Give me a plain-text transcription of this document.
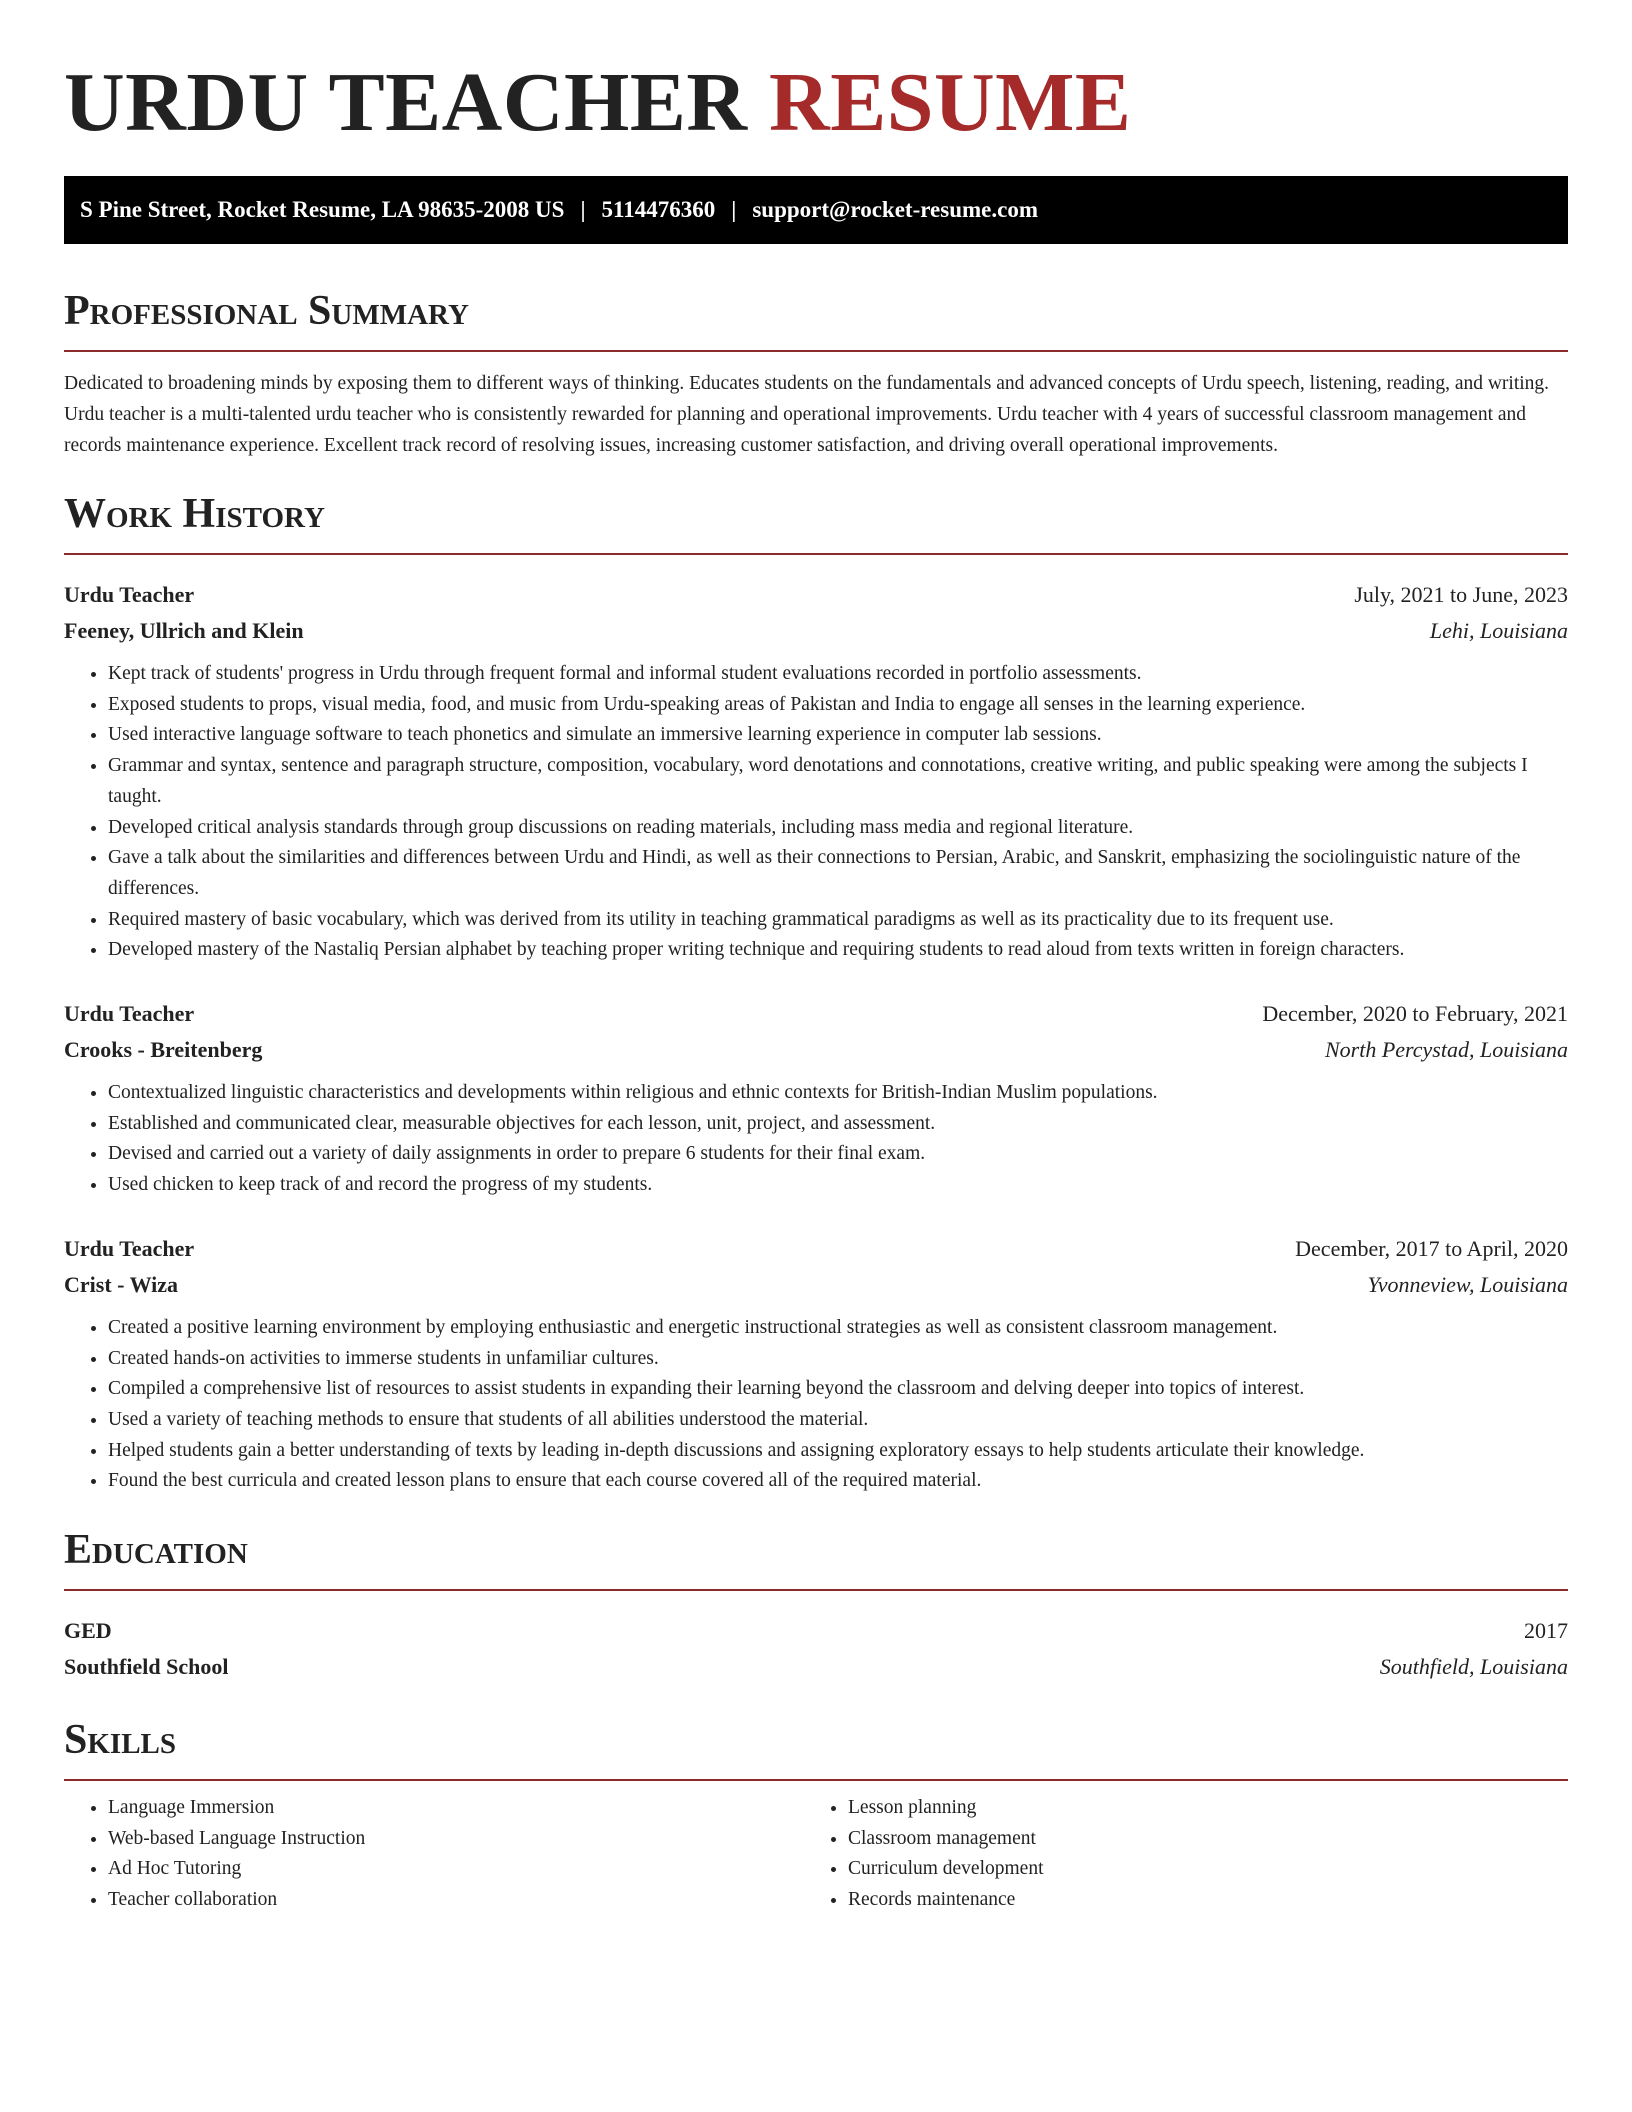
URDU TEACHER RESUME
S Pine Street, Rocket Resume, LA 98635-2008 US | 5114476360 | support@rocket-resume.com
Professional Summary

Dedicated to broadening minds by exposing them to different ways of thinking. Educates students on the fundamentals and advanced concepts of Urdu speech, listening, reading, and writing. Urdu teacher is a multi-talented urdu teacher who is consistently rewarded for planning and operational improvements. Urdu teacher with 4 years of successful classroom management and records maintenance experience. Excellent track record of resolving issues, increasing customer satisfaction, and driving overall operational improvements.

Work History
Urdu Teacher	July, 2021 to June, 2023
Feeney, Ullrich and Klein	Lehi, Louisiana
• Kept track of students' progress in Urdu through frequent formal and informal student evaluations recorded in portfolio assessments.
• Exposed students to props, visual media, food, and music from Urdu-speaking areas of Pakistan and India to engage all senses in the learning experience.
• Used interactive language software to teach phonetics and simulate an immersive learning experience in computer lab sessions.
• Grammar and syntax, sentence and paragraph structure, composition, vocabulary, word denotations and connotations, creative writing, and public speaking were among the subjects I taught.
• Developed critical analysis standards through group discussions on reading materials, including mass media and regional literature.
• Gave a talk about the similarities and differences between Urdu and Hindi, as well as their connections to Persian, Arabic, and Sanskrit, emphasizing the sociolinguistic nature of the differences.
• Required mastery of basic vocabulary, which was derived from its utility in teaching grammatical paradigms as well as its practicality due to its frequent use.
• Developed mastery of the Nastaliq Persian alphabet by teaching proper writing technique and requiring students to read aloud from texts written in foreign characters.
Urdu Teacher	December, 2020 to February, 2021
Crooks - Breitenberg	North Percystad, Louisiana
• Contextualized linguistic characteristics and developments within religious and ethnic contexts for British-Indian Muslim populations.
• Established and communicated clear, measurable objectives for each lesson, unit, project, and assessment.
• Devised and carried out a variety of daily assignments in order to prepare 6 students for their final exam.
• Used chicken to keep track of and record the progress of my students.
Urdu Teacher	December, 2017 to April, 2020
Crist - Wiza	Yvonneview, Louisiana
• Created a positive learning environment by employing enthusiastic and energetic instructional strategies as well as consistent classroom management.
• Created hands-on activities to immerse students in unfamiliar cultures.
• Compiled a comprehensive list of resources to assist students in expanding their learning beyond the classroom and delving deeper into topics of interest.
• Used a variety of teaching methods to ensure that students of all abilities understood the material.
• Helped students gain a better understanding of texts by leading in-depth discussions and assigning exploratory essays to help students articulate their knowledge.
• Found the best curricula and created lesson plans to ensure that each course covered all of the required material.
Education
GED	2017
Southfield School	Southfield, Louisiana
Skills
• Language Immersion
• Web-based Language Instruction
• Ad Hoc Tutoring
• Teacher collaboration
• Lesson planning
• Classroom management
• Curriculum development
• Records maintenance
